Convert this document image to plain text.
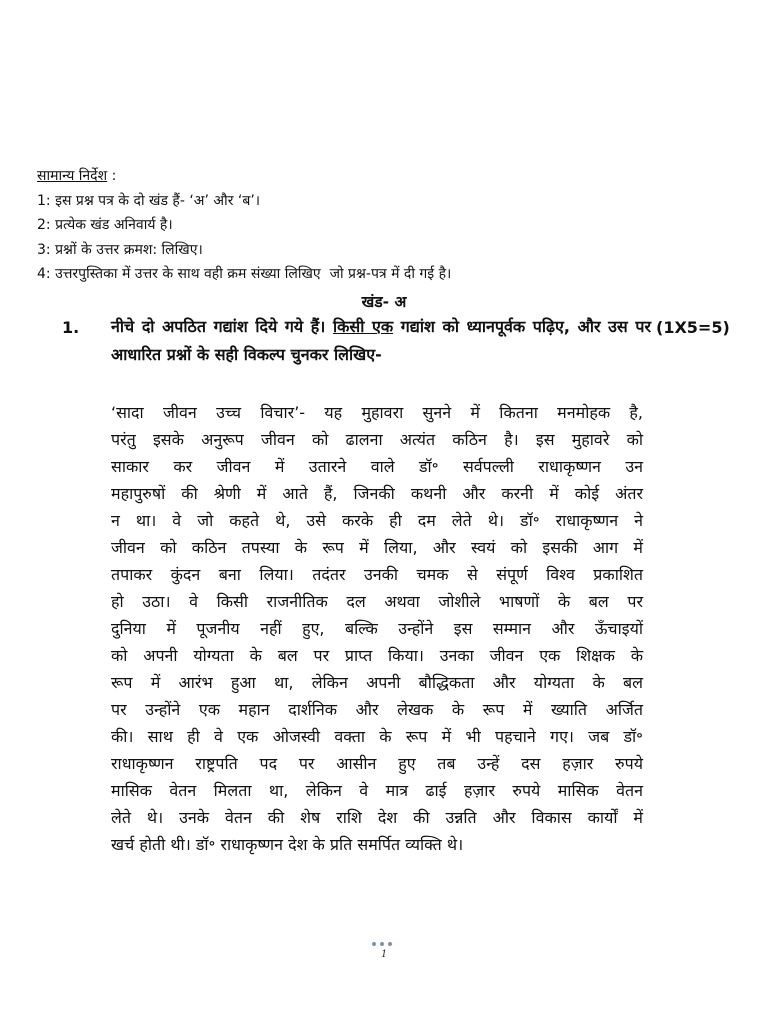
सामान्य निर्देश :
1: इस प्रश्न पत्र के दो खंड हैं- ‘अ’ और ‘ब’।
2: प्रत्येक खंड अनिवार्य है।
3: प्रश्नों के उत्तर क्रमश: लिखिए।
4: उत्तरपुस्तिका में उत्तर के साथ वही क्रम संख्या लिखिए  जो प्रश्न-पत्र में दी गई है।
खंड- अ
1.	(1X5=5)
नीचे दो अपठित गद्यांश दिये गये हैं। किसी एक गद्यांश को ध्यानपूर्वक पढ़िए, और उस पर आधारित प्रश्नों के सही विकल्प चुनकर लिखिए-
‘सादा जीवन उच्च विचार’- यह मुहावरा सुनने में कितना मनमोहक है,
परंतु इसके अनुरूप जीवन को ढालना अत्यंत कठिन है। इस मुहावरे को
साकार कर जीवन में उतारने वाले डॉ॰ सर्वपल्ली राधाकृष्णन उन
महापुरुषों की श्रेणी में आते हैं, जिनकी कथनी और करनी में कोई अंतर
न था। वे जो कहते थे, उसे करके ही दम लेते थे। डॉ॰ राधाकृष्णन ने
जीवन को कठिन तपस्या के रूप में लिया, और स्वयं को इसकी आग में
तपाकर कुंदन बना लिया। तदंतर उनकी चमक से संपूर्ण विश्व प्रकाशित
हो उठा। वे किसी राजनीतिक दल अथवा जोशीले भाषणों के बल पर
दुनिया में पूजनीय नहीं हुए, बल्कि उन्होंने इस सम्मान और ऊँचाइयों
को अपनी योग्यता के बल पर प्राप्त किया। उनका जीवन एक शिक्षक के
रूप में आरंभ हुआ था, लेकिन अपनी बौद्धिकता और योग्यता के बल
पर उन्होंने एक महान दार्शनिक और लेखक के रूप में ख्याति अर्जित
की। साथ ही वे एक ओजस्वी वक्ता के रूप में भी पहचाने गए। जब डॉ॰
राधाकृष्णन राष्ट्रपति पद पर आसीन हुए तब उन्हें दस हज़ार रुपये
मासिक वेतन मिलता था, लेकिन वे मात्र ढाई हज़ार रुपये मासिक वेतन
लेते थे। उनके वेतन की शेष राशि देश की उन्नति और विकास कार्यों में
खर्च होती थी। डॉ॰ राधाकृष्णन देश के प्रति समर्पित व्यक्ति थे।
1
